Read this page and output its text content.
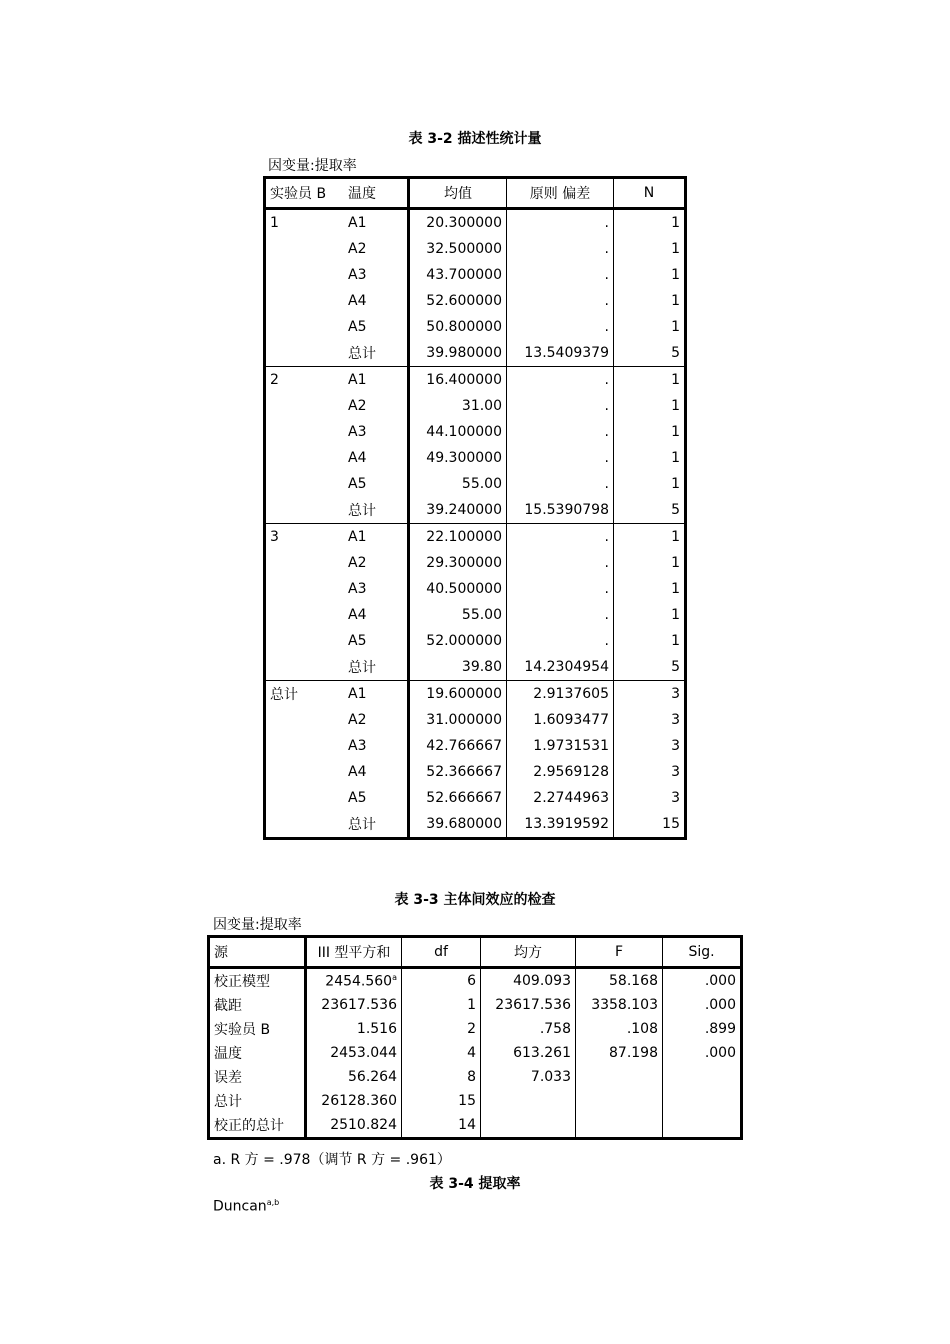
表 3-2 描述性统计量
因变量:提取率
实验员 B	温度	均值	原则 偏差	N
1	A1	20.300000	.	1
	A2	32.500000	.	1
	A3	43.700000	.	1
	A4	52.600000	.	1
	A5	50.800000	.	1
	总计	39.980000	13.5409379	5
2	A1	16.400000	.	1
	A2	31.00	.	1
	A3	44.100000	.	1
	A4	49.300000	.	1
	A5	55.00	.	1
	总计	39.240000	15.5390798	5
3	A1	22.100000	.	1
	A2	29.300000	.	1
	A3	40.500000	.	1
	A4	55.00	.	1
	A5	52.000000	.	1
	总计	39.80	14.2304954	5
总计	A1	19.600000	2.9137605	3
	A2	31.000000	1.6093477	3
	A3	42.766667	1.9731531	3
	A4	52.366667	2.9569128	3
	A5	52.666667	2.2744963	3
	总计	39.680000	13.3919592	15
表 3-3 主体间效应的检查
因变量:提取率
源	III 型平方和	df	均方	F	Sig.
校正模型	2454.560$^a$	6	409.093	58.168	.000
截距	23617.536	1	23617.536	3358.103	.000
实验员 B	1.516	2	.758	.108	.899
温度	2453.044	4	613.261	87.198	.000
误差	56.264	8	7.033		
总计	26128.360	15			
校正的总计	2510.824	14			
a. R 方 = .978（调节 R 方 = .961）
表 3-4 提取率
Duncan$^{a,b}$
